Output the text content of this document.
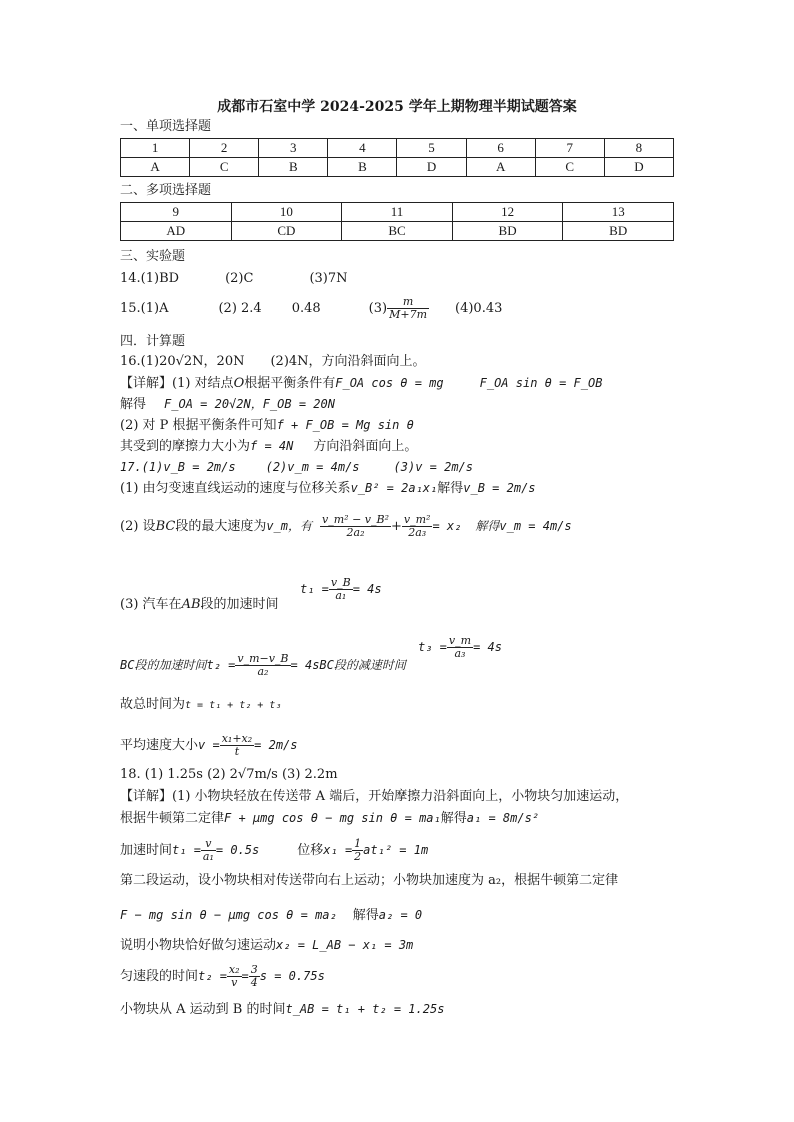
成都市石室中学 2024-2025 学年上期物理半期试题答案
一、单项选择题
1	2	3	4	5	6	7	8
A	C	B	B	D	A	C	D
二、多项选择题
9	10	11	12	13
AD	CD	BC	BD	BD
三、实验题
14.(1)BD	(2)C	(3)7N
15.(1)A	(2) 2.4 0.48	$(3) \frac{m}{M+7m} (4)0.43$
四．计算题
16.(1)20√2N，20N　　(2)4N，方向沿斜面向上。
【详解】(1) 对结点O根据平衡条件有F_OA cos θ = mg	F_OA sin θ = F_OB
解得 F_OA = 20√2N，F_OB = 20N
(2) 对 P 根据平衡条件可知f + F_OB = Mg sin θ
其受到的摩擦力大小为f = 4N 方向沿斜面向上。
17.(1)v_B = 2m/s	(2)v_m = 4m/s	(3)v = 2m/s
(1) 由匀变速直线运动的速度与位移关系v_B² = 2a₁x₁解得v_B = 2m/s
(2) 设BC段的最大速度为v_m，有 $\frac{\text{v\_m² − v\_B²}}{\text{2a₂}} + \frac{\text{v\_m²}}{\text{2a₃}} = x_2$ 解得v_m = 4m/s
$t_1 = \frac{v\_B}{\text{a₁}} = 4s$
(3) 汽车在AB段的加速时间
$t_3 = \frac{v\_m}{\text{a₃}} = 4s$
BC段的加速时间$t_2 = \frac{v\_m-v\_B}{\text{a₂}} = 4sBC$段的减速时间
故总时间为t = t₁ + t₂ + t₃
平均速度大小$v = \frac{\text{x₁+x₂}}{t} = 2m/s$
18. (1) 1.25s (2) 2√7m/s (3) 2.2m
【详解】(1) 小物块轻放在传送带 A 端后，开始摩擦力沿斜面向上，小物块匀加速运动，
根据牛顿第二定律F + μmg cos θ − mg sin θ = ma₁解得a₁ = 8m/s²
加速时间$t_1 = \frac{v}{\text{a₁}} = 0.5s$	位移$x_1 = \frac{1}{2} at_1^2 = 1m$
第二段运动，设小物块相对传送带向右上运动；小物块加速度为 a₂，根据牛顿第二定律
F − mg sin θ − μmg cos θ = ma₂ 解得a₂ = 0
说明小物块恰好做匀速运动x₂ = L_AB − x₁ = 3m
匀速段的时间$t_2 = \frac{\text{x₂}}{v} = \frac{3}{4}$ s = 0.75s
小物块从 A 运动到 B 的时间t_AB = t₁ + t₂ = 1.25s
